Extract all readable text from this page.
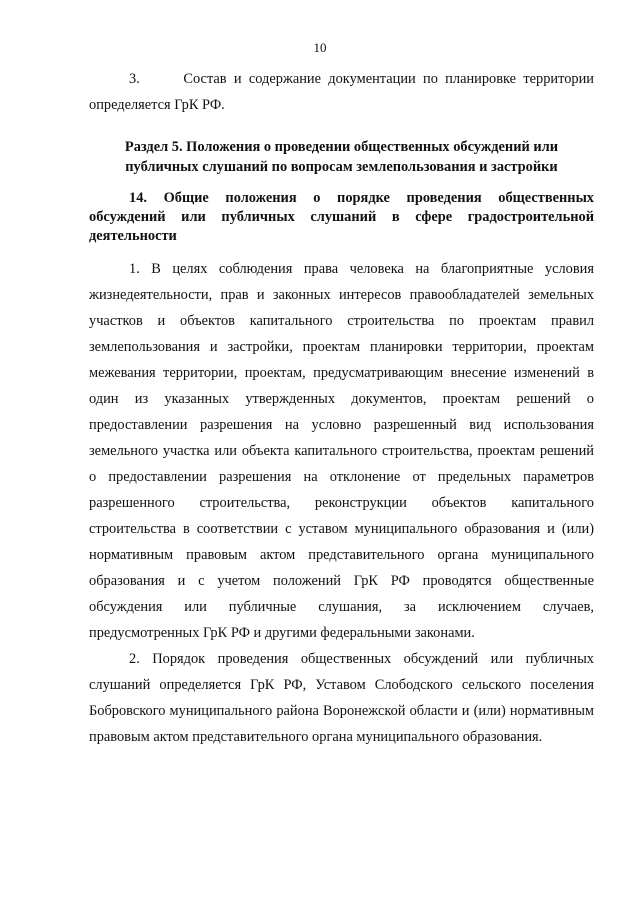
10

3.      Состав и содержание документации по планировке территории определяется ГрК РФ.

Раздел 5. Положения о проведении общественных обсуждений или публичных слушаний по вопросам землепользования и застройки

14. Общие положения о порядке проведения общественных обсуждений или публичных слушаний в сфере градостроительной деятельности

1. В целях соблюдения права человека на благоприятные условия жизнедеятельности, прав и законных интересов правообладателей земельных участков и объектов капитального строительства по проектам правил землепользования и застройки, проектам планировки территории, проектам межевания территории, проектам, предусматривающим внесение изменений в один из указанных утвержденных документов, проектам решений о предоставлении разрешения на условно разрешенный вид использования земельного участка или объекта капитального строительства, проектам решений о предоставлении разрешения на отклонение от предельных параметров разрешенного строительства, реконструкции объектов капитального строительства в соответствии с уставом муниципального образования и (или) нормативным правовым актом представительного органа муниципального образования и с учетом положений ГрК РФ проводятся общественные обсуждения или публичные слушания, за исключением случаев, предусмотренных ГрК РФ и другими федеральными законами.

2. Порядок проведения общественных обсуждений или публичных слушаний определяется ГрК РФ, Уставом Слободского сельского поселения Бобровского муниципального района Воронежской области и (или) нормативным правовым актом представительного органа муниципального образования.
